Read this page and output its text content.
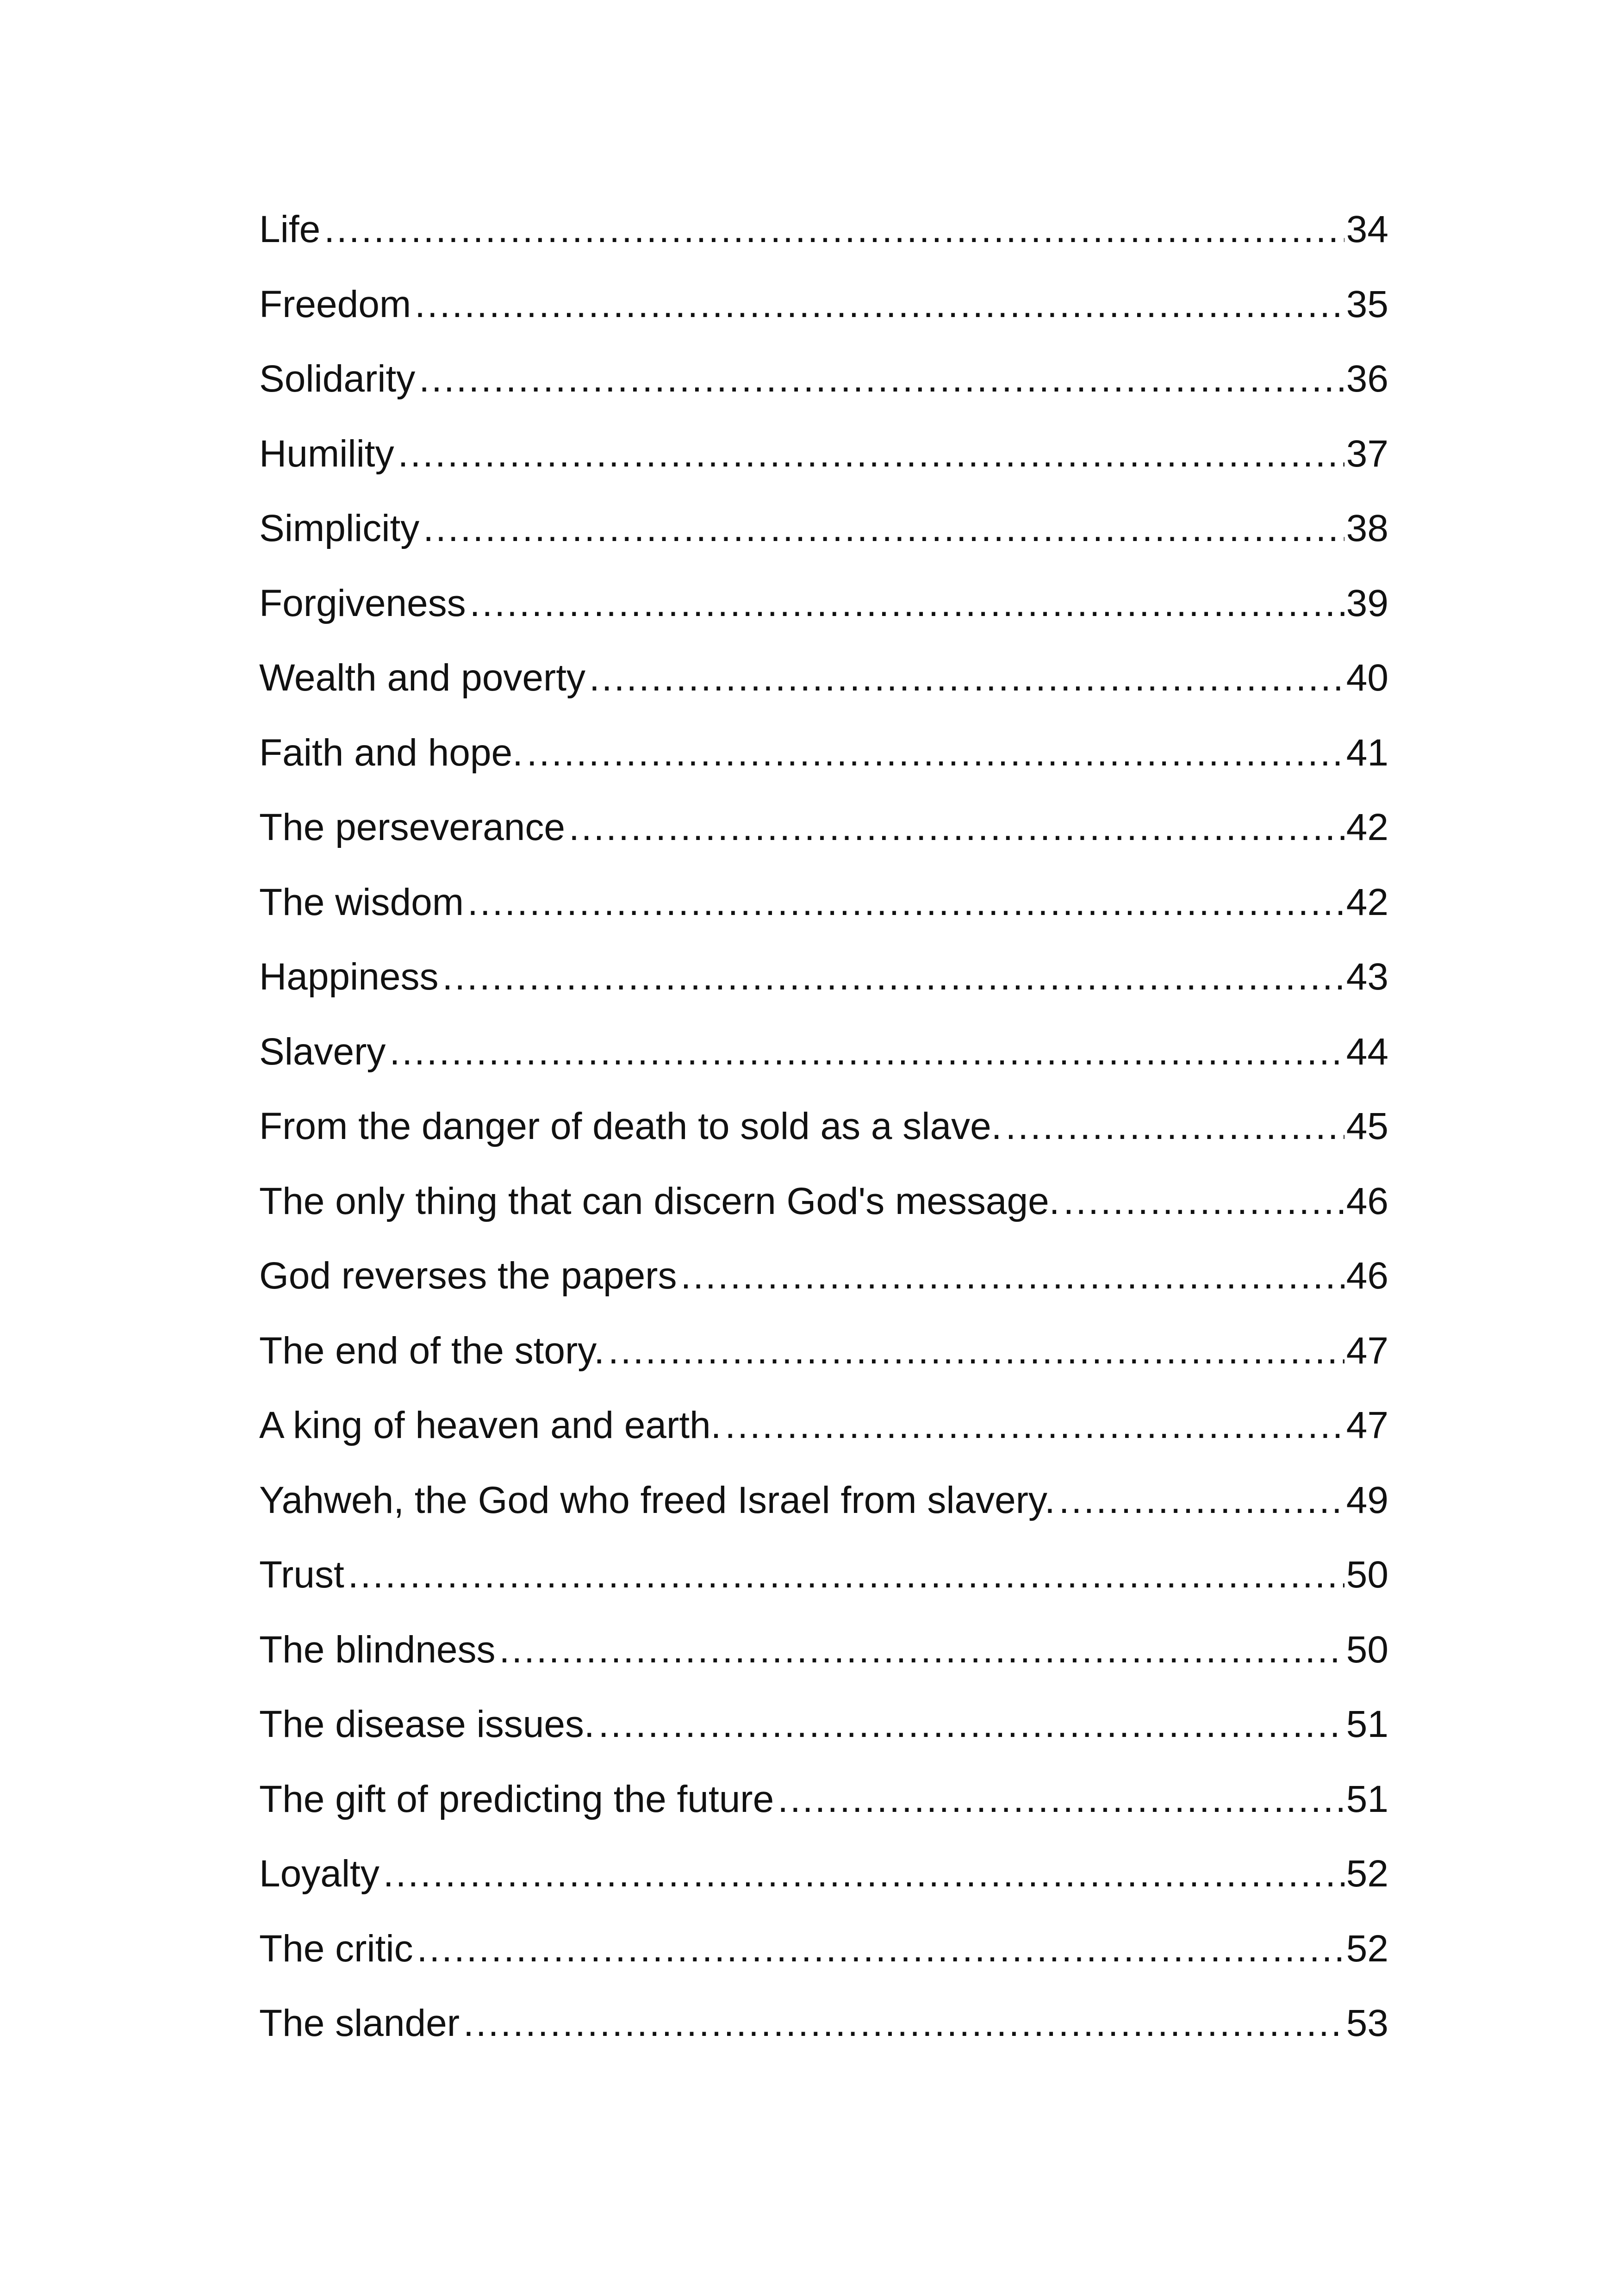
Life .....	34
Freedom .....	35
Solidarity .....	36
Humility .....	37
Simplicity .....	38
Forgiveness .....	39
Wealth and poverty .....	40
Faith and hope. .....	41
The perseverance .....	42
The wisdom .....	42
Happiness .....	43
Slavery .....	44
From the danger of death to sold as a slave. .....	45
The only thing that can discern God's message. .....	46
God reverses the papers .....	46
The end of the story. .....	47
A king of heaven and earth. .....	47
Yahweh, the God who freed Israel from slavery. .....	49
Trust .....	50
The blindness .....	50
The disease issues. .....	51
The gift of predicting the future .....	51
Loyalty .....	52
The critic .....	52
The slander .....	53
